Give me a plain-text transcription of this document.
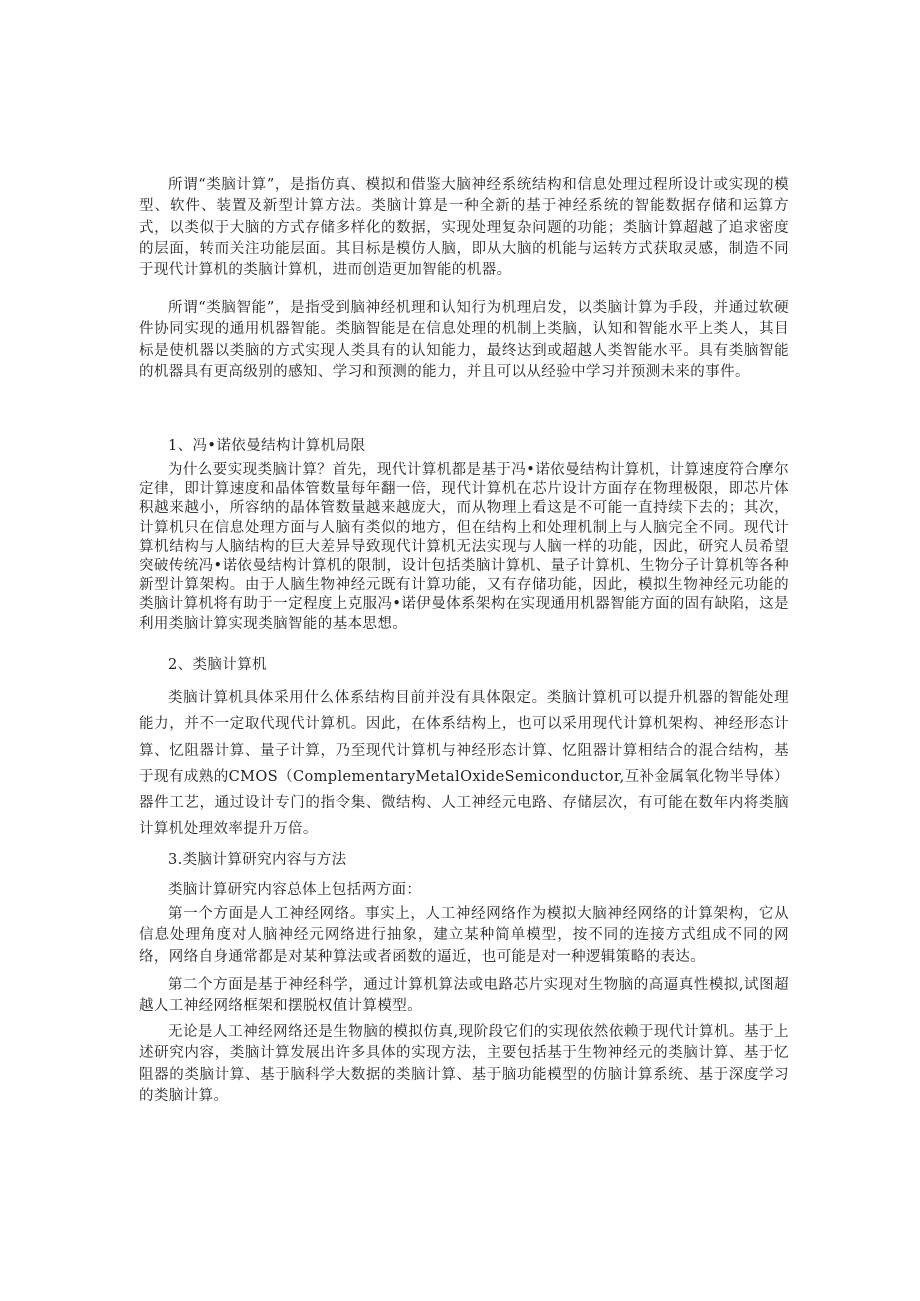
所谓“类脑计算”，是指仿真、模拟和借鉴大脑神经系统结构和信息处理过程所设计或实现的模型、软件、装置及新型计算方法。类脑计算是一种全新的基于神经系统的智能数据存储和运算方式，以类似于大脑的方式存储多样化的数据，实现处理复杂问题的功能；类脑计算超越了追求密度的层面，转而关注功能层面。其目标是模仿人脑，即从大脑的机能与运转方式获取灵感，制造不同于现代计算机的类脑计算机，进而创造更加智能的机器。

所谓“类脑智能”，是指受到脑神经机理和认知行为机理启发，以类脑计算为手段，并通过软硬件协同实现的通用机器智能。类脑智能是在信息处理的机制上类脑，认知和智能水平上类人，其目标是使机器以类脑的方式实现人类具有的认知能力，最终达到或超越人类智能水平。具有类脑智能的机器具有更高级别的感知、学习和预测的能力，并且可以从经验中学习并预测未来的事件。

1、冯•诺依曼结构计算机局限

为什么要实现类脑计算？首先，现代计算机都是基于冯•诺依曼结构计算机，计算速度符合摩尔定律，即计算速度和晶体管数量每年翻一倍，现代计算机在芯片设计方面存在物理极限，即芯片体积越来越小，所容纳的晶体管数量越来越庞大，而从物理上看这是不可能一直持续下去的；其次，计算机只在信息处理方面与人脑有类似的地方，但在结构上和处理机制上与人脑完全不同。现代计算机结构与人脑结构的巨大差异导致现代计算机无法实现与人脑一样的功能，因此，研究人员希望突破传统冯•诺依曼结构计算机的限制，设计包括类脑计算机、量子计算机、生物分子计算机等各种新型计算架构。由于人脑生物神经元既有计算功能，又有存储功能，因此，模拟生物神经元功能的类脑计算机将有助于一定程度上克服冯•诺伊曼体系架构在实现通用机器智能方面的固有缺陷，这是利用类脑计算实现类脑智能的基本思想。

2、类脑计算机

类脑计算机具体采用什么体系结构目前并没有具体限定。类脑计算机可以提升机器的智能处理能力，并不一定取代现代计算机。因此，在体系结构上，也可以采用现代计算机架构、神经形态计算、忆阻器计算、量子计算，乃至现代计算机与神经形态计算、忆阻器计算相结合的混合结构，基于现有成熟的CMOS（ComplementaryMetalOxideSemiconductor,互补金属氧化物半导体）器件工艺，通过设计专门的指令集、微结构、人工神经元电路、存储层次，有可能在数年内将类脑计算机处理效率提升万倍。

3.类脑计算研究内容与方法

类脑计算研究内容总体上包括两方面：

第一个方面是人工神经网络。事实上，人工神经网络作为模拟大脑神经网络的计算架构，它从信息处理角度对人脑神经元网络进行抽象，建立某种简单模型，按不同的连接方式组成不同的网络，网络自身通常都是对某种算法或者函数的逼近，也可能是对一种逻辑策略的表达。

第二个方面是基于神经科学，通过计算机算法或电路芯片实现对生物脑的高逼真性模拟,试图超越人工神经网络框架和摆脱权值计算模型。

无论是人工神经网络还是生物脑的模拟仿真,现阶段它们的实现依然依赖于现代计算机。基于上述研究内容，类脑计算发展出许多具体的实现方法，主要包括基于生物神经元的类脑计算、基于忆阻器的类脑计算、基于脑科学大数据的类脑计算、基于脑功能模型的仿脑计算系统、基于深度学习的类脑计算。
